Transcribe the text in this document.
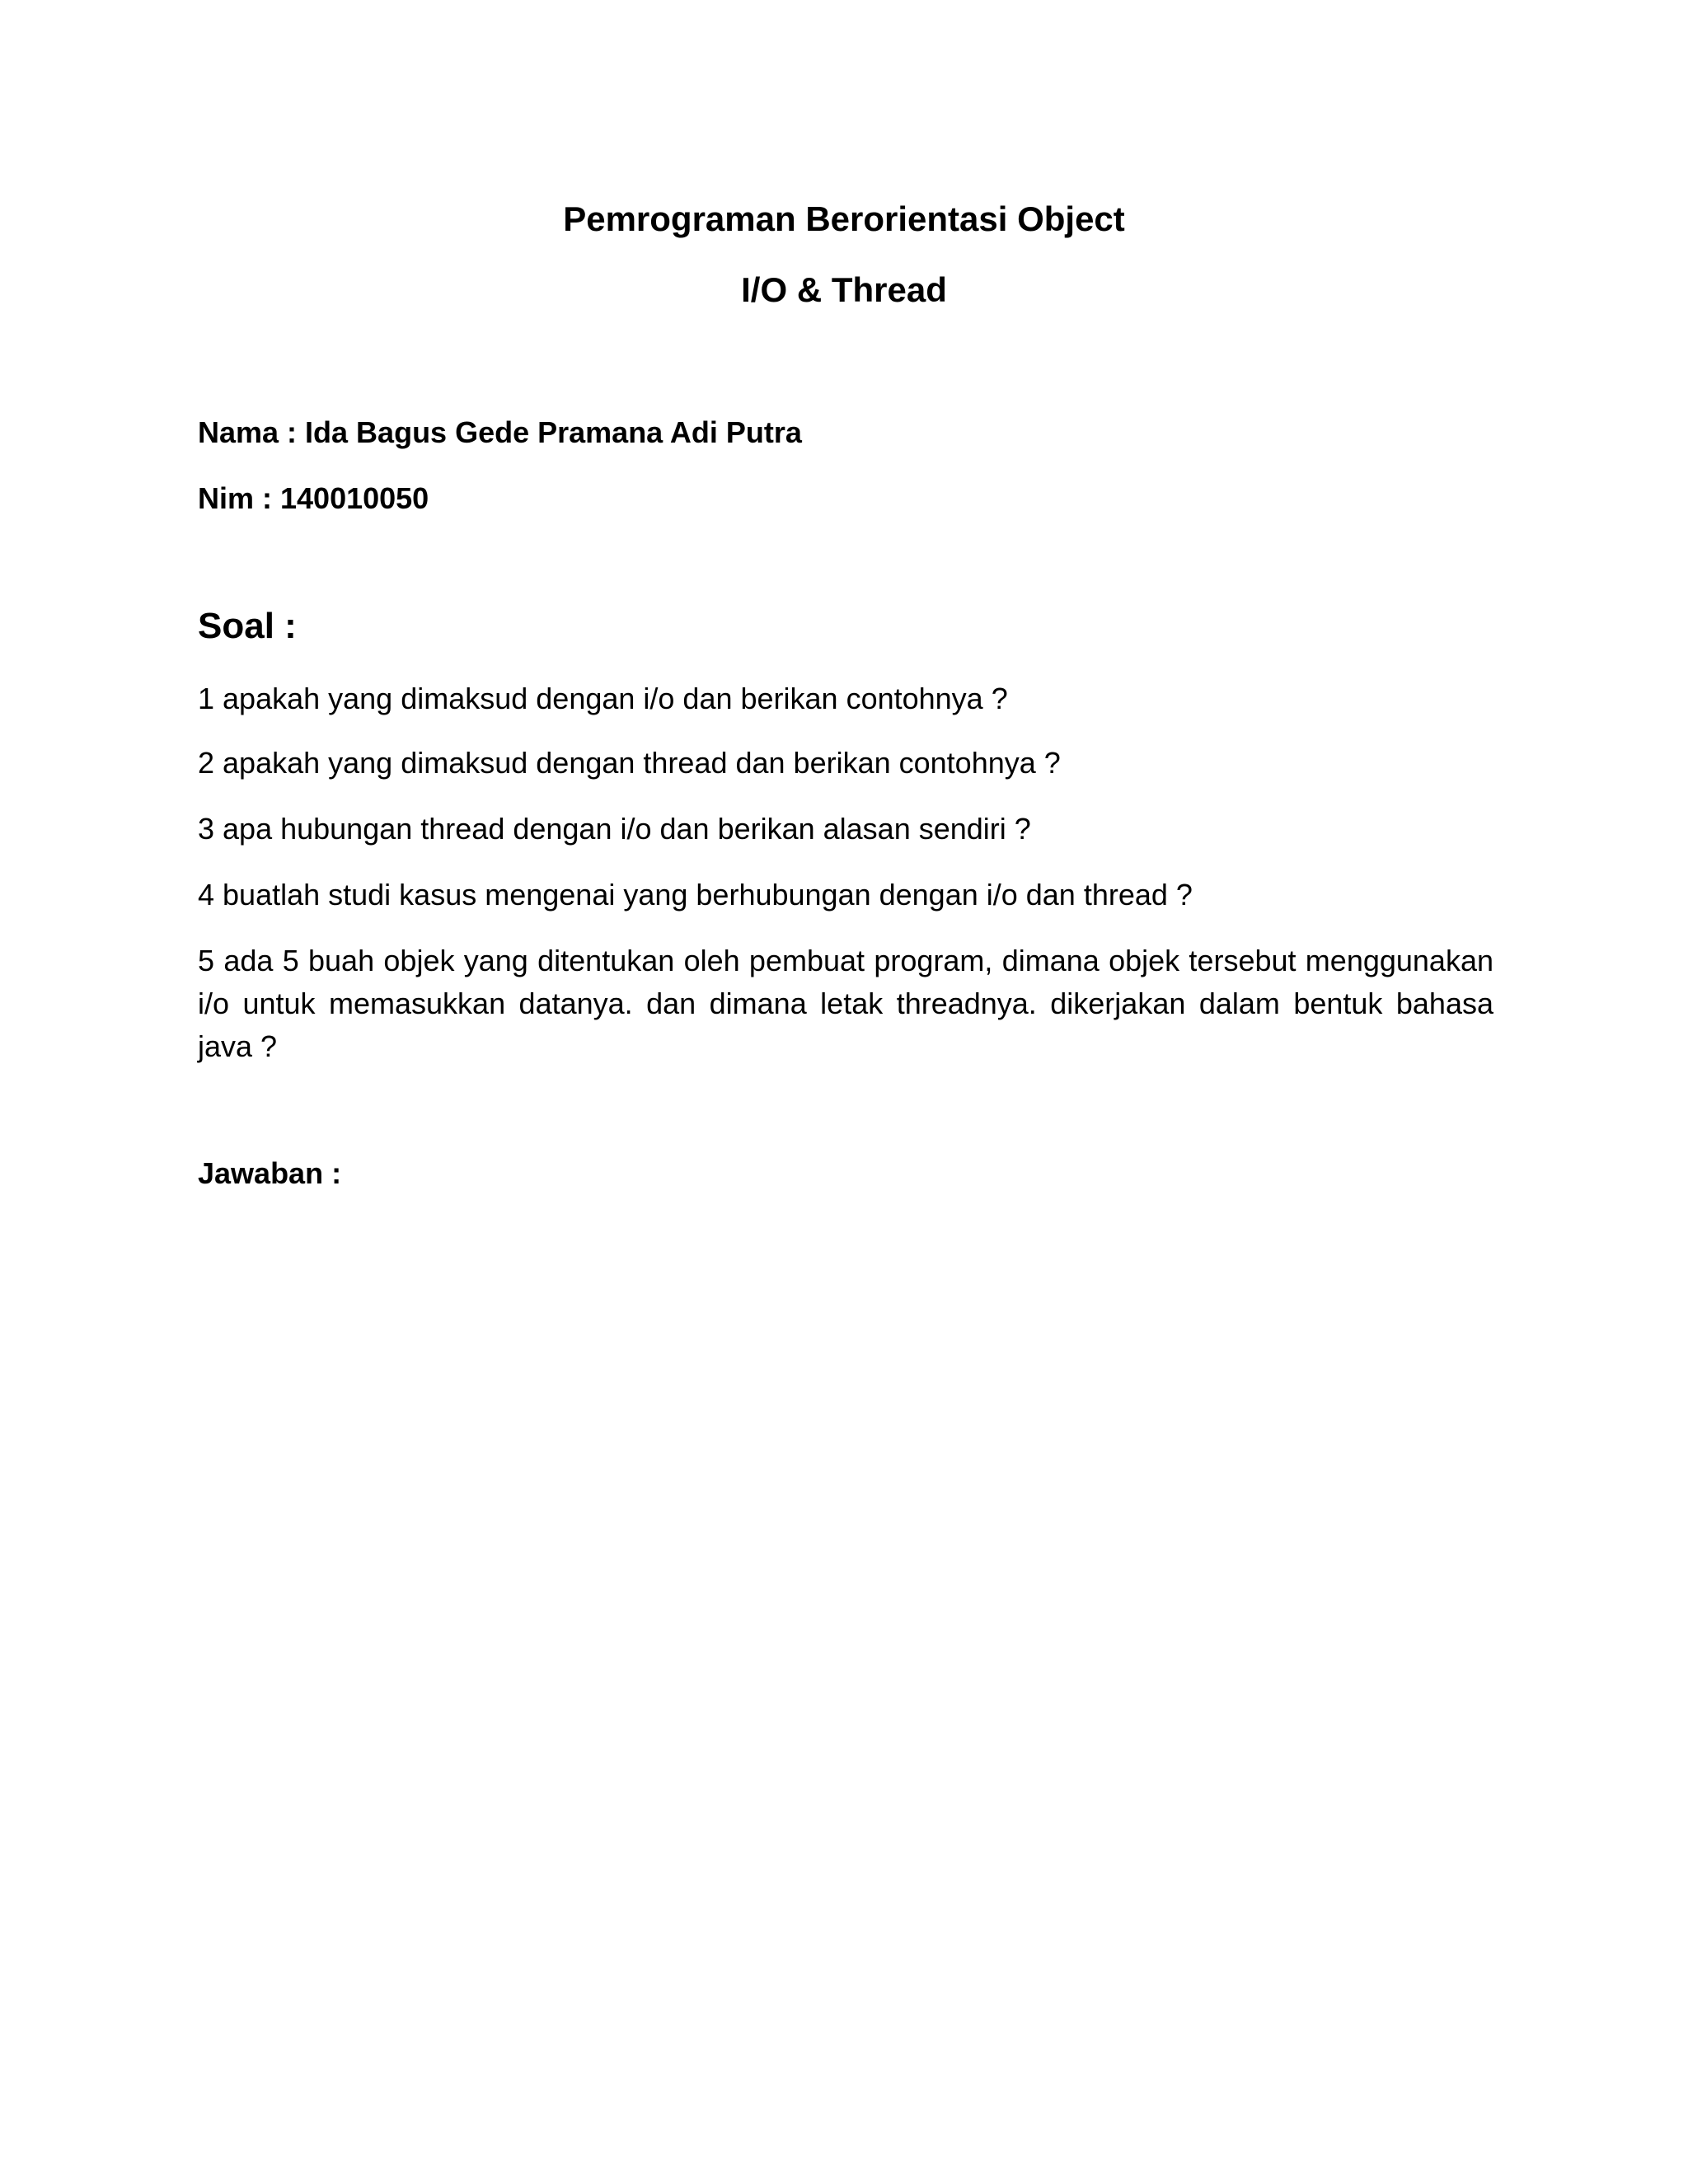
Pemrograman Berorientasi Object
I/O & Thread
Nama : Ida Bagus Gede Pramana Adi Putra
Nim : 140010050
Soal :
1 apakah yang dimaksud dengan i/o dan berikan contohnya ?
2 apakah yang dimaksud dengan thread dan berikan contohnya ?
3 apa hubungan thread dengan i/o dan berikan alasan sendiri ?
4 buatlah studi kasus mengenai yang berhubungan dengan i/o dan thread ?
5 ada 5 buah objek yang ditentukan oleh pembuat program, dimana objek tersebut menggunakan i/o untuk memasukkan datanya. dan dimana letak threadnya. dikerjakan dalam bentuk bahasa java ?
Jawaban :
